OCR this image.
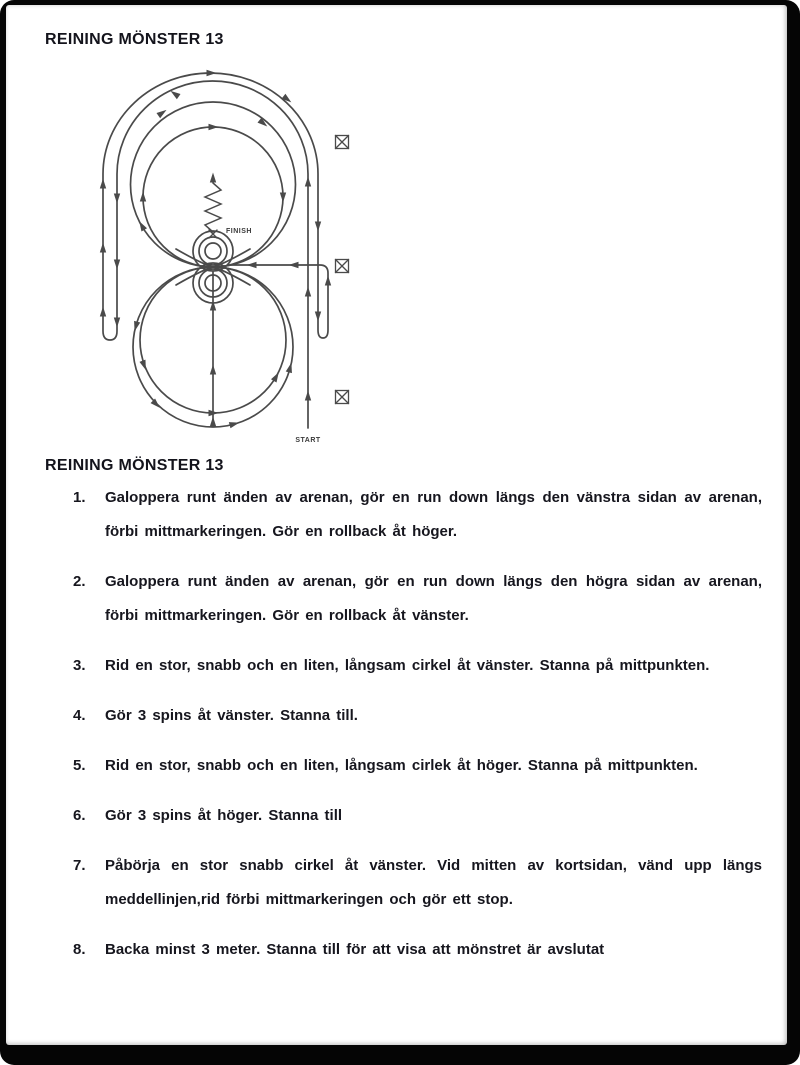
REINING MÖNSTER 13
FINISH
START
REINING MÖNSTER 13
1. Galoppera runt änden av arenan, gör en run down längs den vänstra sidan av arenan, förbi mittmarkeringen. Gör en rollback åt höger.
2. Galoppera runt änden av arenan, gör en run down längs den högra sidan av arenan, förbi mittmarkeringen. Gör en rollback åt vänster.
3. Rid en stor, snabb och en liten, långsam cirkel åt vänster. Stanna på mittpunkten.
4. Gör 3 spins åt vänster. Stanna till.
5. Rid en stor, snabb och en liten, långsam cirlek åt höger. Stanna på mittpunkten.
6. Gör 3 spins åt höger. Stanna till
7. Påbörja en stor snabb cirkel åt vänster. Vid mitten av kortsidan, vänd upp längs meddellinjen,rid förbi mittmarkeringen och gör ett stop.
8. Backa minst 3 meter. Stanna till för att visa att mönstret är avslutat
